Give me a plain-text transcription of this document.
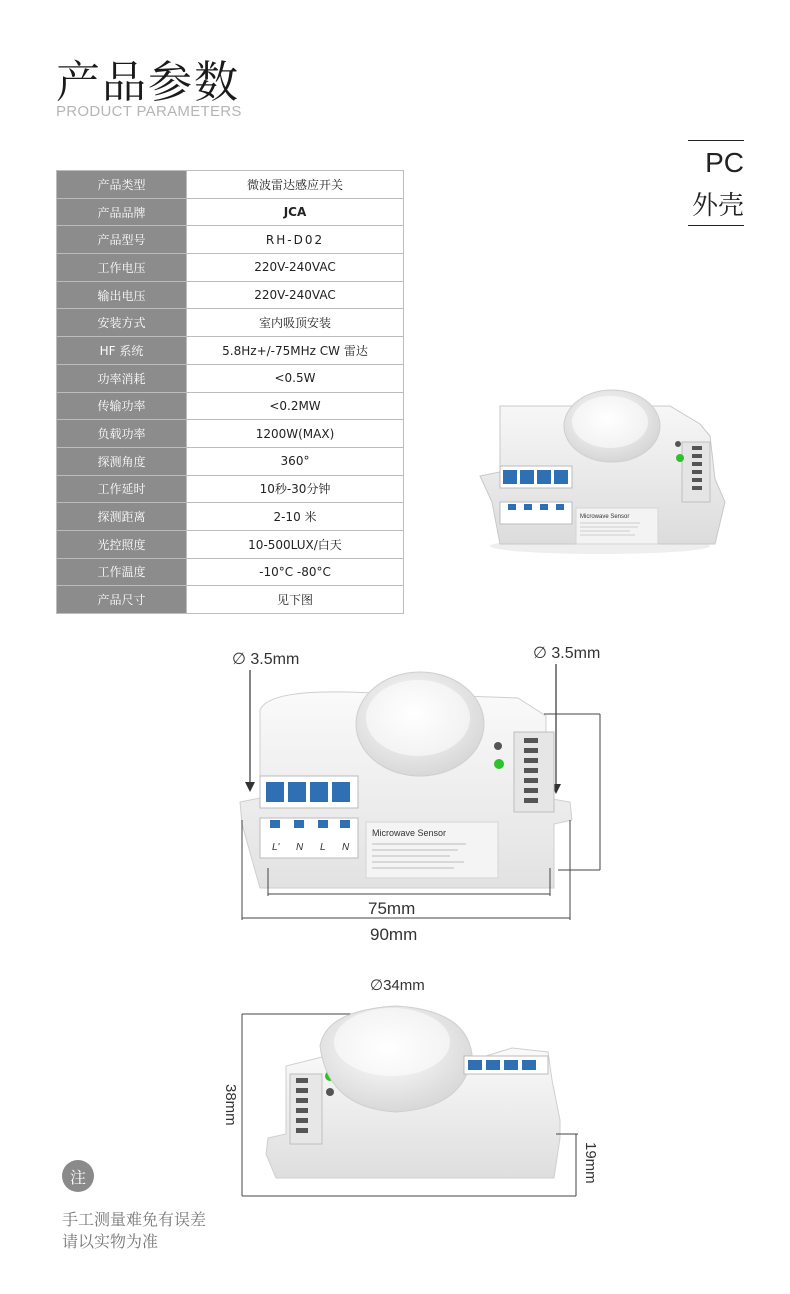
产品参数
PRODUCT PARAMETERS
PC
外壳
产品类型	微波雷达感应开关
产品品牌	JCA
产品型号	RH-D02
工作电压	220V-240VAC
输出电压	220V-240VAC
安装方式	室内吸顶安装
HF 系统	5.8Hz+/-75MHz CW 雷达
功率消耗	<0.5W
传输功率	<0.2MW
负载功率	1200W(MAX)
探测角度	360°
工作延时	10秒-30分钟
探测距离	2-10 米
光控照度	10-500LUX/白天
工作温度	-10°C -80°C
产品尺寸	见下图
Microwave Sensor
∅ 3.5mm	∅ 3.5mm
L' N L N
Microwave Sensor
75mm
90mm
∅34mm
38mm
19mm
注
手工测量难免有误差
请以实物为准
